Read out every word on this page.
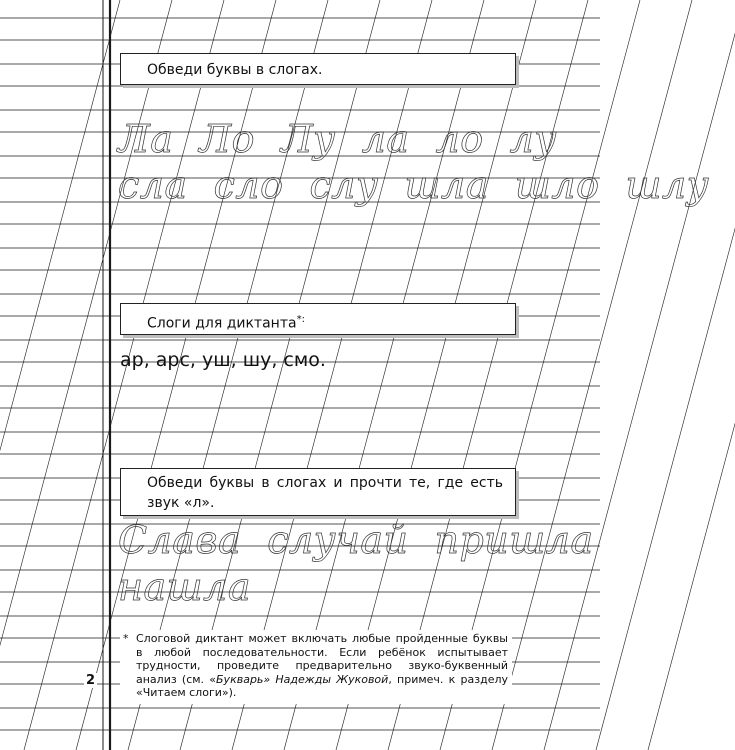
Обведи буквы в слогах.
Ла Ло Лу ла ло лу
сла сло слу шла шло шлу
Слоги для диктанта*:
ар, арс, уш, шу, смо.
Обведи буквы в слогах и прочти те, где есть звук «л».
Слава случай пришла
нашла
* Слоговой диктант может включать любые пройденные буквы в любой последовательности. Если ребёнок испытывает трудности, проведите предварительно звуко-буквенный анализ (см. «Букварь» Надежды Жуковой, примеч. к разделу «Читаем слоги»).
2
